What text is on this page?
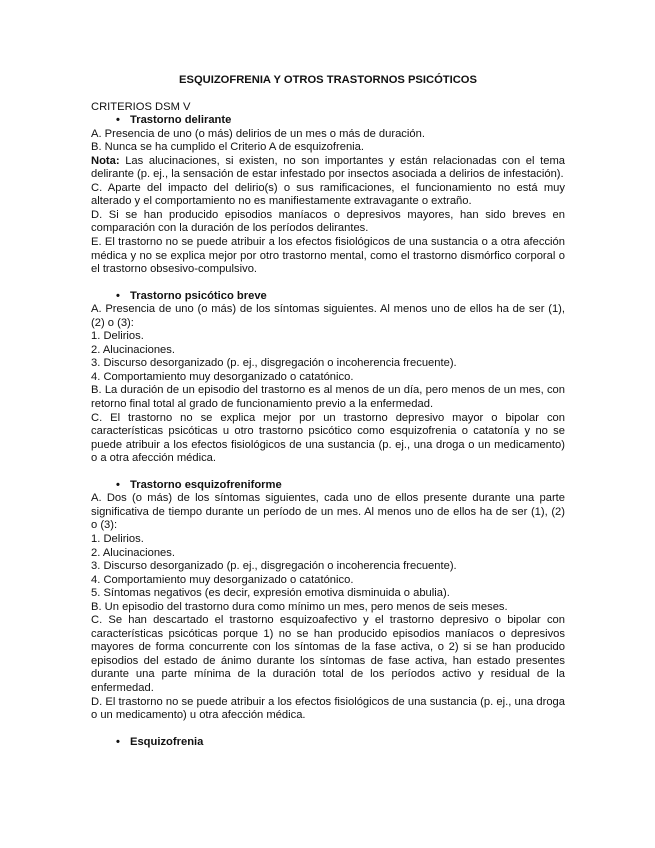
ESQUIZOFRENIA Y OTROS TRASTORNOS PSICÓTICOS

CRITERIOS DSM V

• Trastorno delirante

A. Presencia de uno (o más) delirios de un mes o más de duración.

B. Nunca se ha cumplido el Criterio A de esquizofrenia.

Nota: Las alucinaciones, si existen, no son importantes y están relacionadas con el tema delirante (p. ej., la sensación de estar infestado por insectos asociada a delirios de infestación).

C. Aparte del impacto del delirio(s) o sus ramificaciones, el funcionamiento no está muy alterado y el comportamiento no es manifiestamente extravagante o extraño.

D. Si se han producido episodios maníacos o depresivos mayores, han sido breves en comparación con la duración de los períodos delirantes.

E. El trastorno no se puede atribuir a los efectos fisiológicos de una sustancia o a otra afección médica y no se explica mejor por otro trastorno mental, como el trastorno dismórfico corporal o el trastorno obsesivo-compulsivo.

• Trastorno psicótico breve

A. Presencia de uno (o más) de los síntomas siguientes. Al menos uno de ellos ha de ser (1), (2) o (3):

1. Delirios.

2. Alucinaciones.

3. Discurso desorganizado (p. ej., disgregación o incoherencia frecuente).

4. Comportamiento muy desorganizado o catatónico.

B. La duración de un episodio del trastorno es al menos de un día, pero menos de un mes, con retorno final total al grado de funcionamiento previo a la enfermedad.

C. El trastorno no se explica mejor por un trastorno depresivo mayor o bipolar con características psicóticas u otro trastorno psicótico como esquizofrenia o catatonía y no se puede atribuir a los efectos fisiológicos de una sustancia (p. ej., una droga o un medicamento) o a otra afección médica.

• Trastorno esquizofreniforme

A. Dos (o más) de los síntomas siguientes, cada uno de ellos presente durante una parte significativa de tiempo durante un período de un mes. Al menos uno de ellos ha de ser (1), (2) o (3):

1. Delirios.

2. Alucinaciones.

3. Discurso desorganizado (p. ej., disgregación o incoherencia frecuente).

4. Comportamiento muy desorganizado o catatónico.

5. Síntomas negativos (es decir, expresión emotiva disminuida o abulia).

B. Un episodio del trastorno dura como mínimo un mes, pero menos de seis meses.

C. Se han descartado el trastorno esquizoafectivo y el trastorno depresivo o bipolar con características psicóticas porque 1) no se han producido episodios maníacos o depresivos mayores de forma concurrente con los síntomas de la fase activa, o 2) si se han producido episodios del estado de ánimo durante los síntomas de fase activa, han estado presentes durante una parte mínima de la duración total de los períodos activo y residual de la enfermedad.

D. El trastorno no se puede atribuir a los efectos fisiológicos de una sustancia (p. ej., una droga o un medicamento) u otra afección médica.

• Esquizofrenia
